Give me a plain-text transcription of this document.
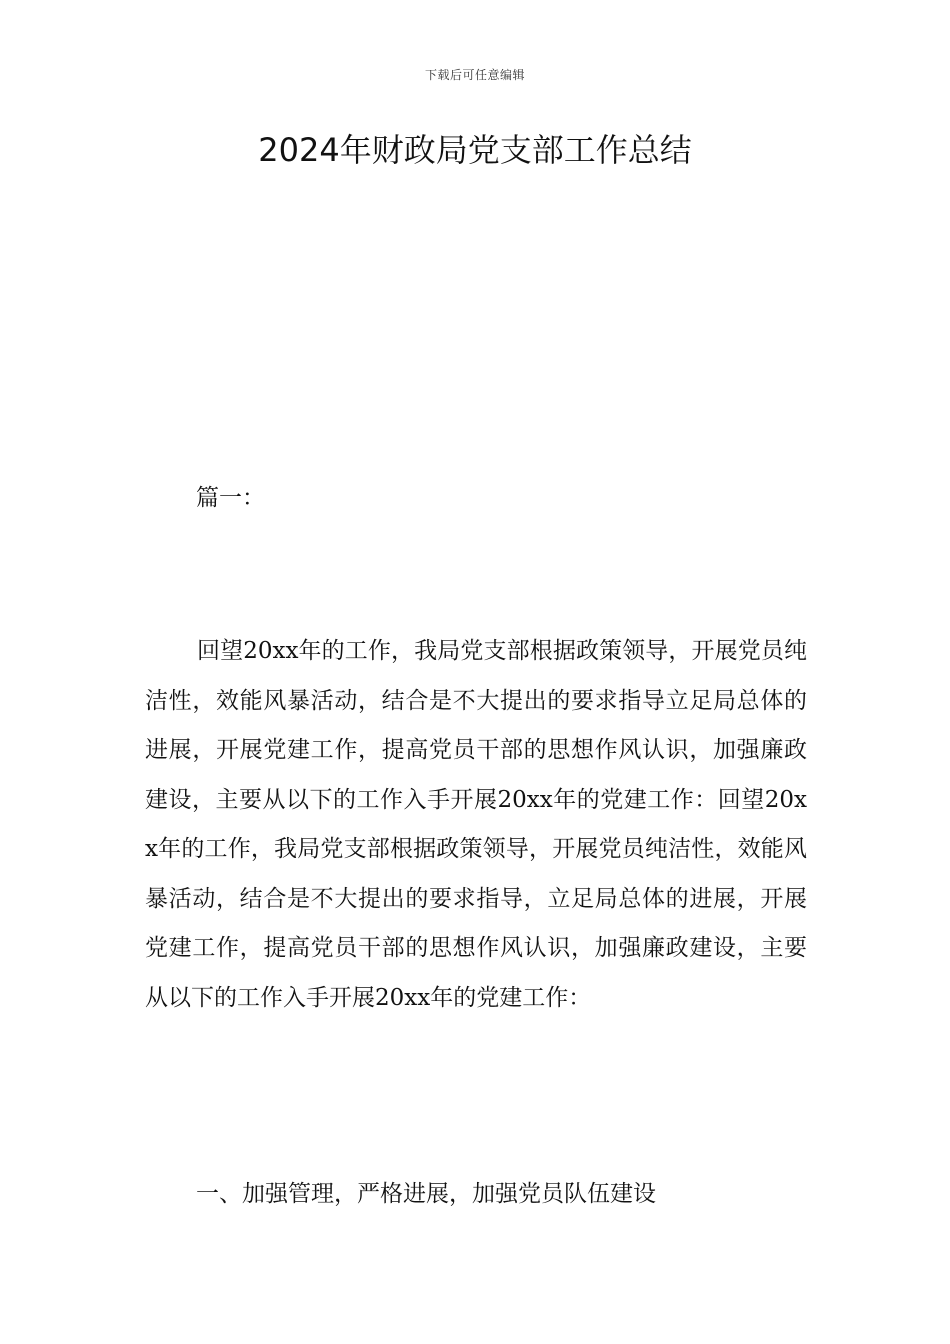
下载后可任意编辑
2024年财政局党支部工作总结
篇一：

回望20xx年的工作，我局党支部根据政策领导，开展党员纯洁性，效能风暴活动，结合是不大提出的要求指导立足局总体的进展，开展党建工作，提高党员干部的思想作风认识，加强廉政建设，主要从以下的工作入手开展20xx年的党建工作：回望20xx年的工作，我局党支部根据政策领导，开展党员纯洁性，效能风暴活动，结合是不大提出的要求指导，立足局总体的进展，开展党建工作，提高党员干部的思想作风认识，加强廉政建设，主要从以下的工作入手开展20xx年的党建工作：

一、加强管理，严格进展，加强党员队伍建设
